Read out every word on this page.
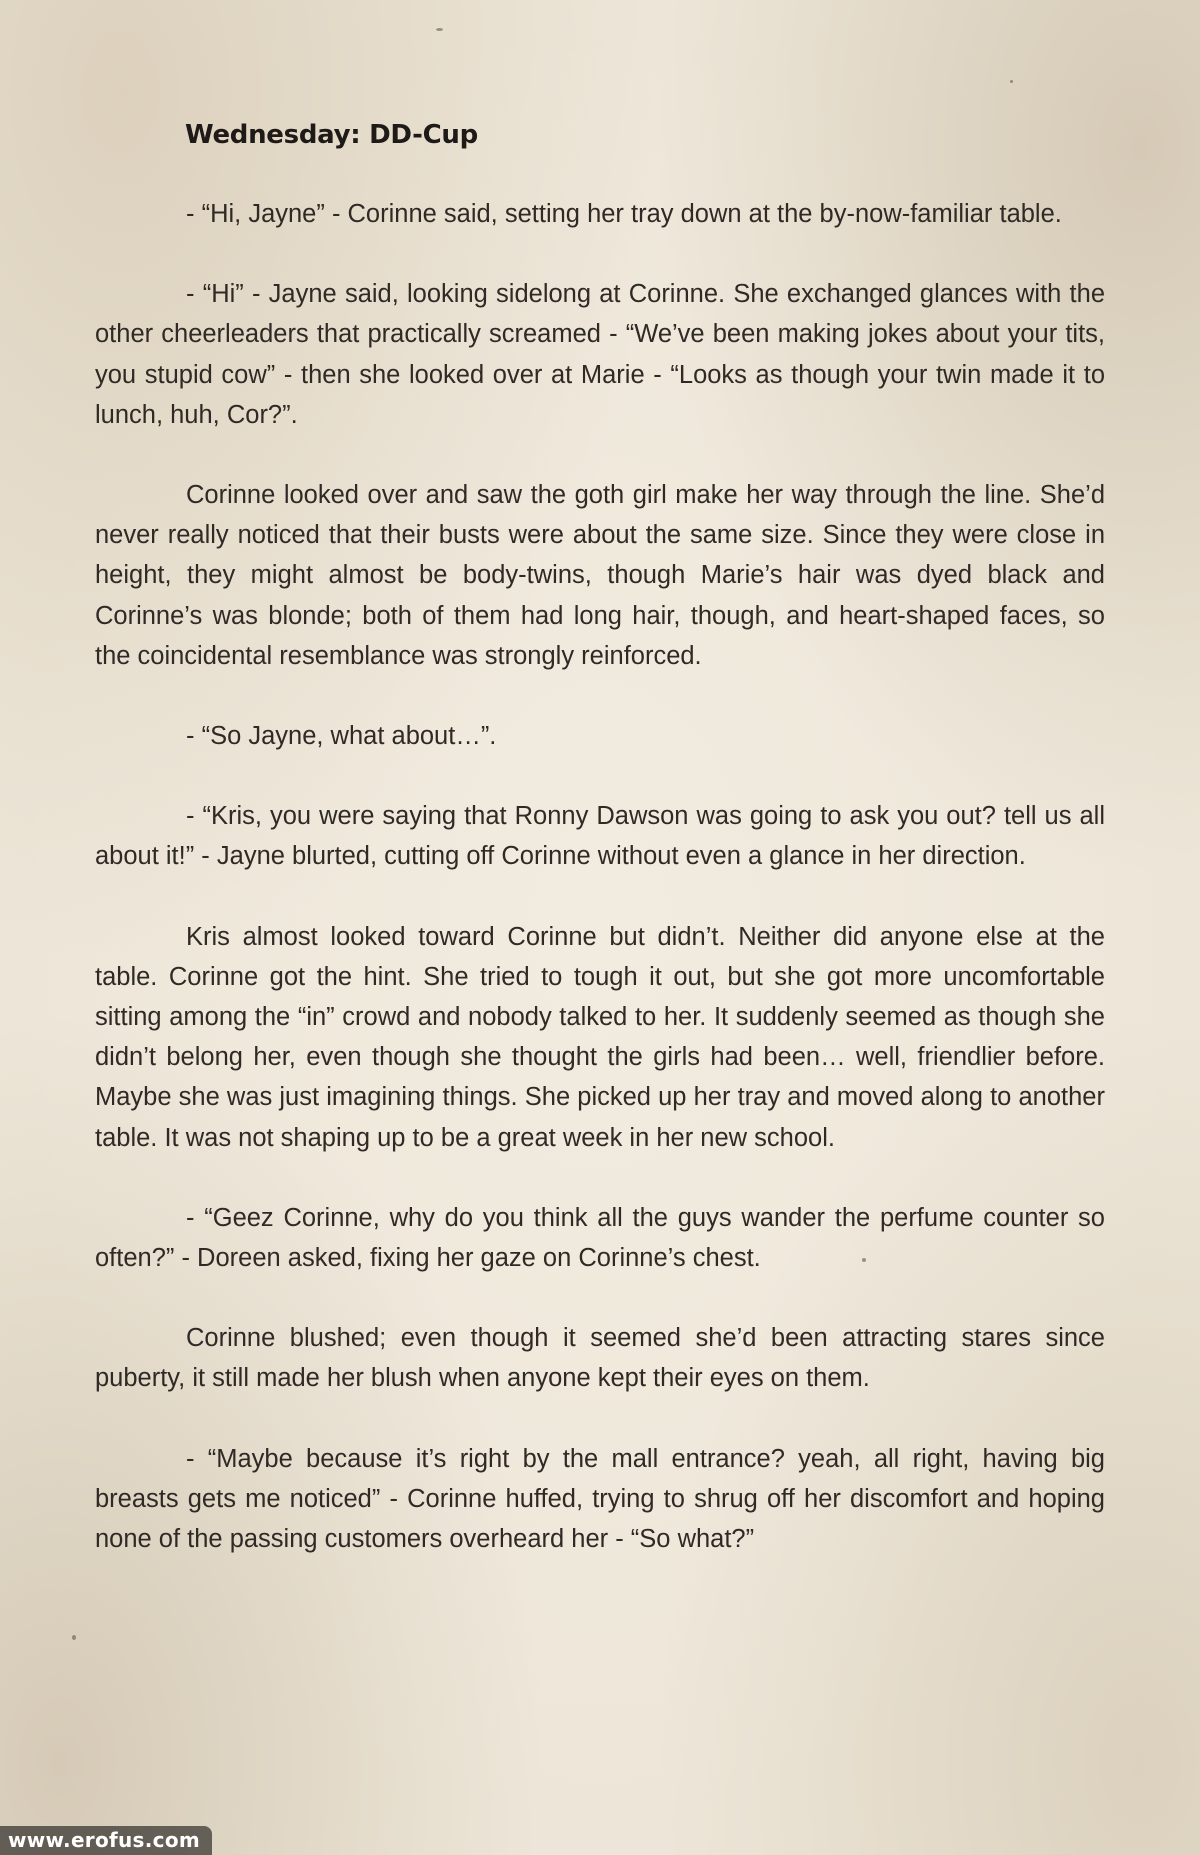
Wednesday: DD-Cup

- “Hi, Jayne” - Corinne said, setting her tray down at the by-now-familiar table.

- “Hi” - Jayne said, looking sidelong at Corinne. She exchanged glances with the other cheerleaders that practically screamed - “We’ve been making jokes about your tits, you stupid cow” - then she looked over at Marie - “Looks as though your twin made it to lunch, huh, Cor?”.

Corinne looked over and saw the goth girl make her way through the line. She’d never really noticed that their busts were about the same size. Since they were close in height, they might almost be body-twins, though Marie’s hair was dyed black and Corinne’s was blonde; both of them had long hair, though, and heart-shaped faces, so the coincidental resemblance was strongly reinforced.

- “So Jayne, what about…”.

- “Kris, you were saying that Ronny Dawson was going to ask you out? tell us all about it!” - Jayne blurted, cutting off Corinne without even a glance in her direction.

Kris almost looked toward Corinne but didn’t. Neither did anyone else at the table. Corinne got the hint. She tried to tough it out, but she got more uncomfortable sitting among the “in” crowd and nobody talked to her. It suddenly seemed as though she didn’t belong her, even though she thought the girls had been… well, friendlier before. Maybe she was just imagining things. She picked up her tray and moved along to another table. It was not shaping up to be a great week in her new school.

- “Geez Corinne, why do you think all the guys wander the perfume counter so often?” - Doreen asked, fixing her gaze on Corinne’s chest.

Corinne blushed; even though it seemed she’d been attracting stares since puberty, it still made her blush when anyone kept their eyes on them.

- “Maybe because it’s right by the mall entrance? yeah, all right, having big breasts gets me noticed” - Corinne huffed, trying to shrug off her discomfort and hoping none of the passing customers overheard her - “So what?”

www.erofus.com
